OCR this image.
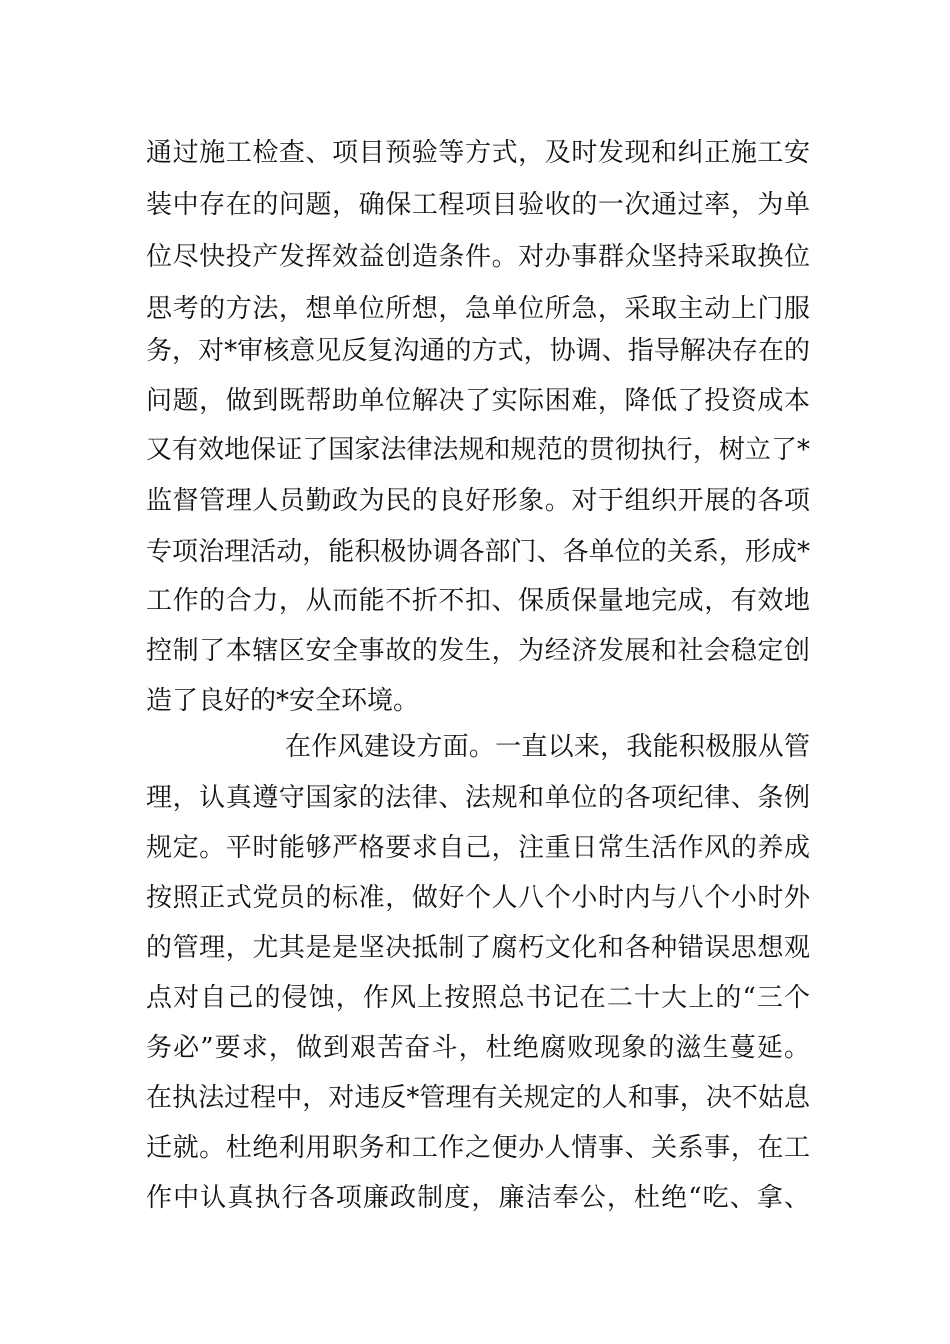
通过施工检查、项目预验等方式，及时发现和纠正施工安
装中存在的问题，确保工程项目验收的一次通过率，为单
位尽快投产发挥效益创造条件。对办事群众坚持采取换位
思考的方法，想单位所想，急单位所急，采取主动上门服
务，对*审核意见反复沟通的方式，协调、指导解决存在的
问题，做到既帮助单位解决了实际困难，降低了投资成本
又有效地保证了国家法律法规和规范的贯彻执行，树立了*
监督管理人员勤政为民的良好形象。对于组织开展的各项
专项治理活动，能积极协调各部门、各单位的关系，形成*
工作的合力，从而能不折不扣、保质保量地完成，有效地
控制了本辖区安全事故的发生，为经济发展和社会稳定创
造了良好的*安全环境。
在作风建设方面。一直以来，我能积极服从管
理，认真遵守国家的法律、法规和单位的各项纪律、条例
规定。平时能够严格要求自己，注重日常生活作风的养成
按照正式党员的标准，做好个人八个小时内与八个小时外
的管理，尤其是是坚决抵制了腐朽文化和各种错误思想观
点对自己的侵蚀，作风上按照总书记在二十大上的“三个
务必”要求，做到艰苦奋斗，杜绝腐败现象的滋生蔓延。
在执法过程中，对违反*管理有关规定的人和事，决不姑息
迁就。杜绝利用职务和工作之便办人情事、关系事，在工
作中认真执行各项廉政制度，廉洁奉公，杜绝“吃、拿、
